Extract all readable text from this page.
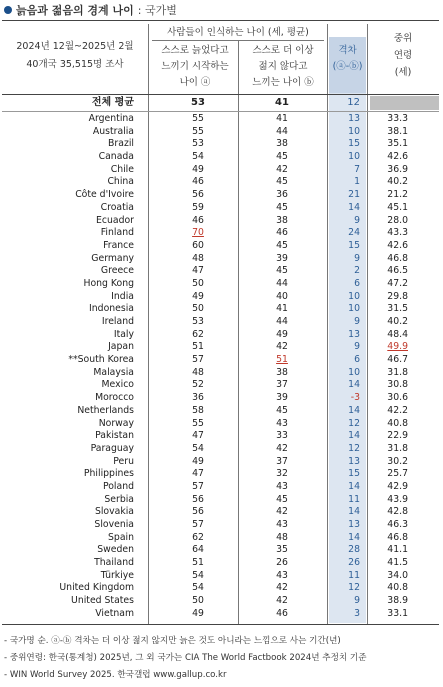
늙음과 젊음의 경계 나이 : 국가별
2024년 12월~2025년 2월
40개국 35,515명 조사
사람들이 인식하는 나이 (세, 평균)
스스로 늙었다고
느끼기 시작하는
나이 ⓐ
스스로 더 이상
젊지 않다고
느끼는 나이 ⓑ
격차
(ⓐ-ⓑ)
중위
연령
(세)
전체 평균	53	41	12
Argentina	55	41	13	33.3
Australia	55	44	10	38.1
Brazil	53	38	15	35.1
Canada	54	45	10	42.6
Chile	49	42	7	36.9
China	46	45	1	40.2
Côte d'Ivoire	56	36	21	21.2
Croatia	59	45	14	45.1
Ecuador	46	38	9	28.0
Finland	70	46	24	43.3
France	60	45	15	42.6
Germany	48	39	9	46.8
Greece	47	45	2	46.5
Hong Kong	50	44	6	47.2
India	49	40	10	29.8
Indonesia	50	41	10	31.5
Ireland	53	44	9	40.2
Italy	62	49	13	48.4
Japan	51	42	9	49.9
**South Korea	57	51	6	46.7
Malaysia	48	38	10	31.8
Mexico	52	37	14	30.8
Morocco	36	39	-3	30.6
Netherlands	58	45	14	42.2
Norway	55	43	12	40.8
Pakistan	47	33	14	22.9
Paraguay	54	42	12	31.8
Peru	49	37	13	30.2
Philippines	47	32	15	25.7
Poland	57	43	14	42.9
Serbia	56	45	11	43.9
Slovakia	56	42	14	42.8
Slovenia	57	43	13	46.3
Spain	62	48	14	46.8
Sweden	64	35	28	41.1
Thailand	51	26	26	41.5
Türkiye	54	43	11	34.0
United Kingdom	54	42	12	40.8
United States	50	42	9	38.9
Vietnam	49	46	3	33.1
- 국가명 순. ⓐ-ⓑ 격차는 더 이상 젊지 않지만 늙은 것도 아니라는 느낌으로 사는 기간(년)
- 중위연령: 한국(통계청) 2025년, 그 외 국가는 CIA The World Factbook 2024년 추정치 기준
- WIN World Survey 2025. 한국갤럽 www.gallup.co.kr
